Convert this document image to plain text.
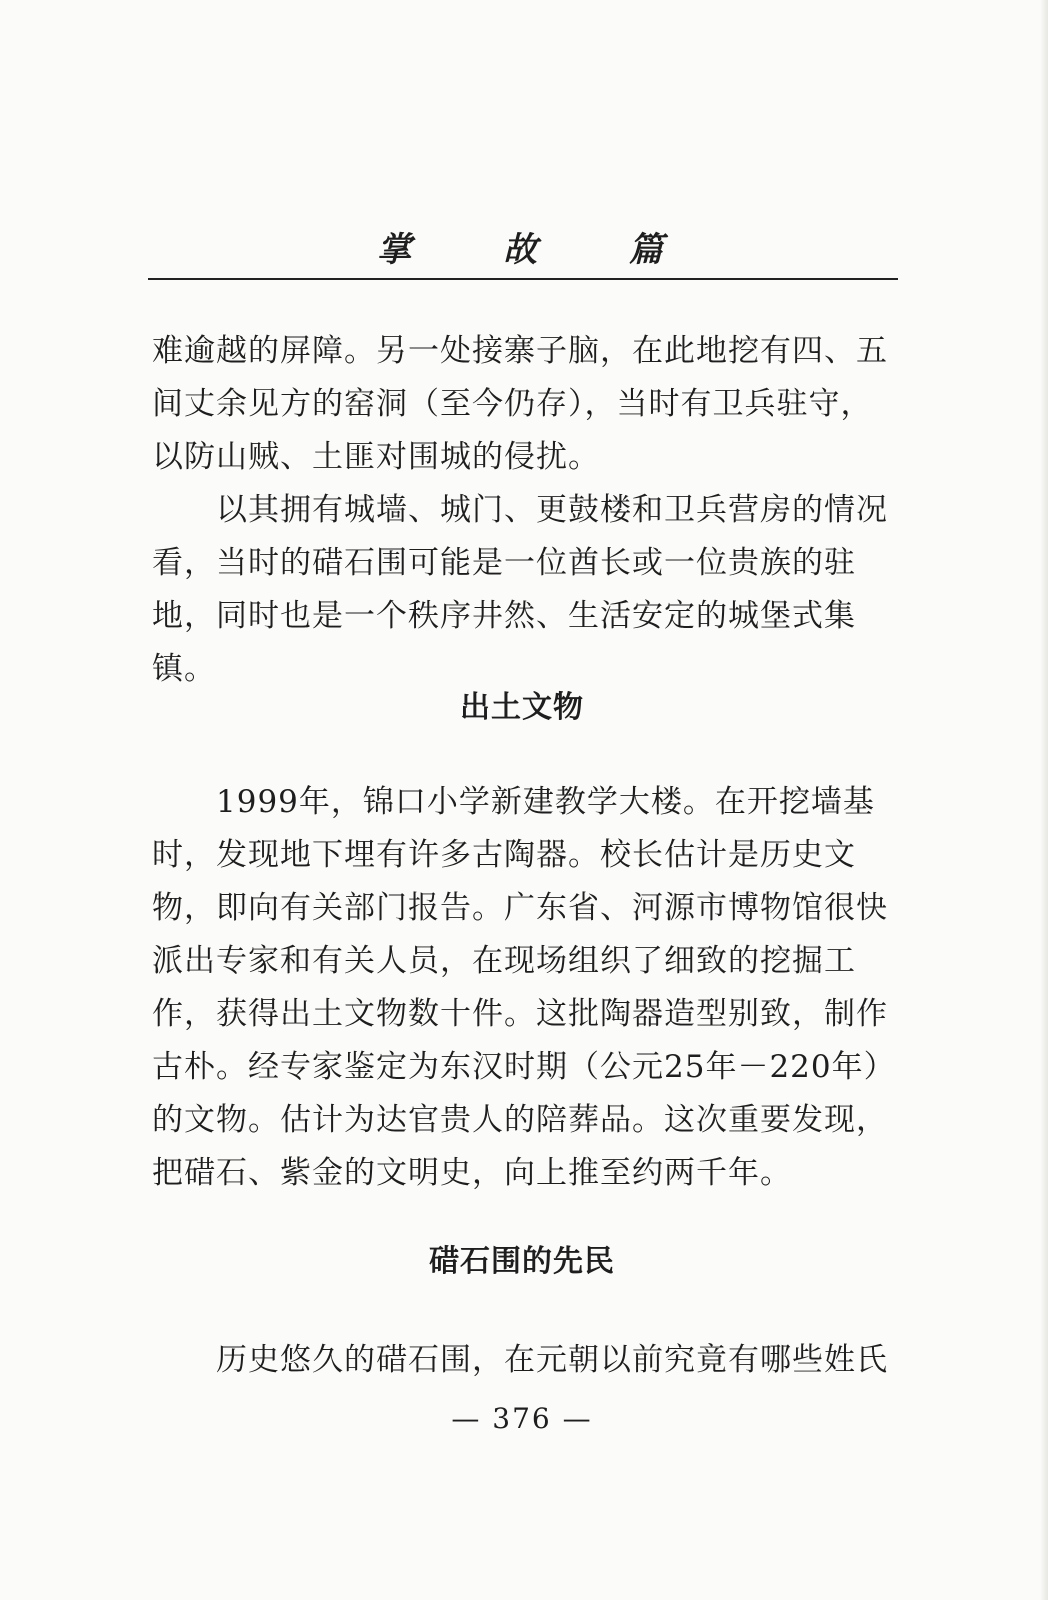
掌 故 篇

难逾越的屏障。另一处接寨子脑，在此地挖有四、五间丈余见方的窑洞（至今仍存），当时有卫兵驻守，以防山贼、土匪对围城的侵扰。

以其拥有城墙、城门、更鼓楼和卫兵营房的情况看，当时的碏石围可能是一位酋长或一位贵族的驻地，同时也是一个秩序井然、生活安定的城堡式集镇。

出土文物

1999年，锦口小学新建教学大楼。在开挖墙基时，发现地下埋有许多古陶器。校长估计是历史文物，即向有关部门报告。广东省、河源市博物馆很快派出专家和有关人员，在现场组织了细致的挖掘工作，获得出土文物数十件。这批陶器造型别致，制作古朴。经专家鉴定为东汉时期（公元25年－220年）的文物。估计为达官贵人的陪葬品。这次重要发现，把碏石、紫金的文明史，向上推至约两千年。

碏石围的先民

历史悠久的碏石围，在元朝以前究竟有哪些姓氏

— 376 —
